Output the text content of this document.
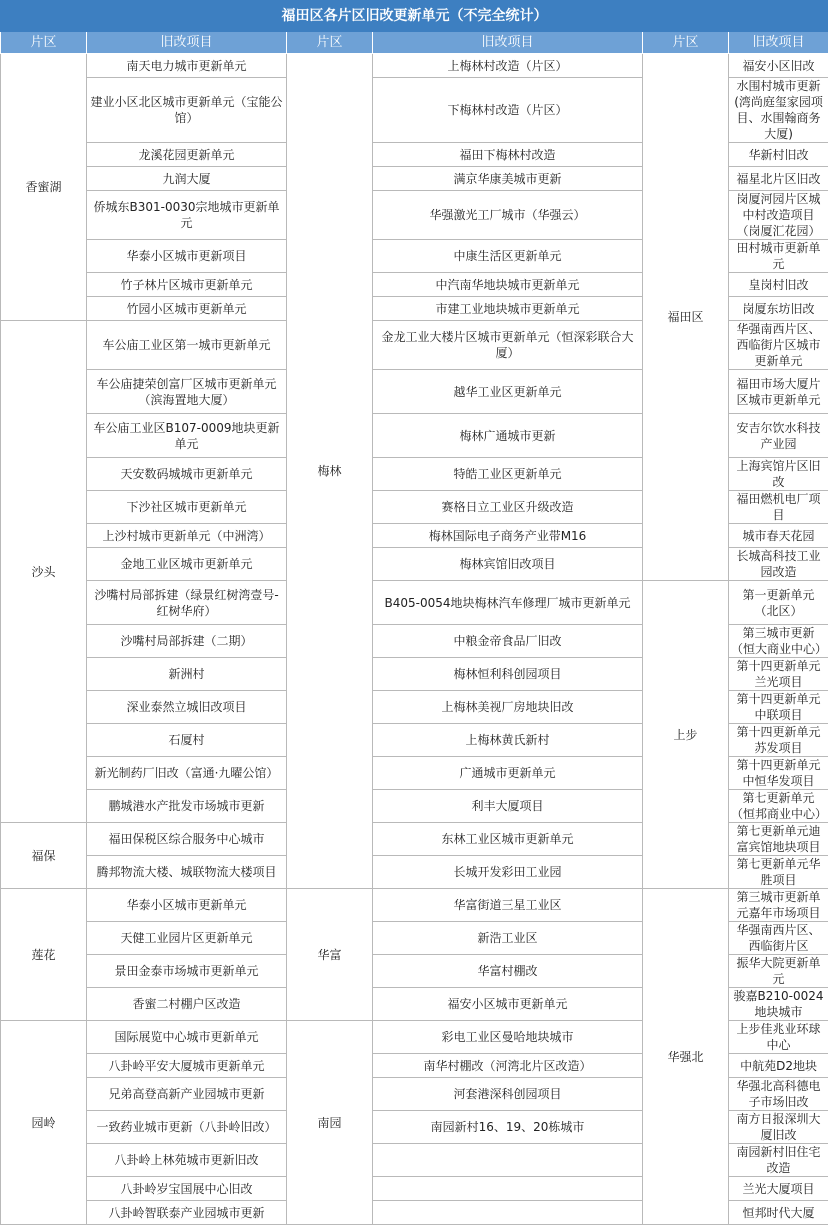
福田区各片区旧改更新单元（不完全统计）					
片区	旧改项目	片区	旧改项目	片区	旧改项目
香蜜湖	南天电力城市更新单元	梅林	上梅林村改造（片区）	福田区	福安小区旧改
	建业小区北区城市更新单元（宝能公馆）		下梅林村改造（片区）		水围村城市更新(湾尚庭玺家园项目、水围翰商务大厦)
	龙溪花园更新单元		福田下梅林村改造		华新村旧改
	九润大厦		满京华康美城市更新		福星北片区旧改
	侨城东B301-0030宗地城市更新单元		华强激光工厂城市（华强云）		岗厦河园片区城中村改造项目（岗厦汇花园）
	华泰小区城市更新项目		中康生活区更新单元		田村城市更新单元
	竹子林片区城市更新单元		中汽南华地块城市更新单元		皇岗村旧改
	竹园小区城市更新单元		市建工业地块城市更新单元		岗厦东坊旧改
沙头	车公庙工业区第一城市更新单元		金龙工业大楼片区城市更新单元（恒深彩联合大厦）		华强南西片区、西临街片区城市更新单元
	车公庙捷荣创富厂区城市更新单元（滨海置地大厦）		越华工业区更新单元		福田市场大厦片区城市更新单元
	车公庙工业区B107-0009地块更新单元		梅林广通城市更新		安吉尔饮水科技产业园
	天安数码城城市更新单元		特皓工业区更新单元		上海宾馆片区旧改
	下沙社区城市更新单元		赛格日立工业区升级改造		福田燃机电厂项目
	上沙村城市更新单元（中洲湾）		梅林国际电子商务产业带M16		城市春天花园
	金地工业区城市更新单元		梅林宾馆旧改项目		长城高科技工业园改造
	沙嘴村局部拆建（绿景红树湾壹号-红树华府）		B405-0054地块梅林汽车修理厂城市更新单元	上步	第一更新单元（北区）
	沙嘴村局部拆建（二期）		中粮金帝食品厂旧改		第三城市更新（恒大商业中心）
	新洲村		梅林恒利科创园项目		第十四更新单元兰光项目
	深业泰然立城旧改项目		上梅林美视厂房地块旧改		第十四更新单元中联项目
	石厦村		上梅林黄氏新村		第十四更新单元苏发项目
	新光制药厂旧改（富通·九曜公馆）		广通城市更新单元		第十四更新单元中恒华发项目
	鹏城港水产批发市场城市更新		利丰大厦项目		第七更新单元（恒邦商业中心）
福保	福田保税区综合服务中心城市		东林工业区城市更新单元		第七更新单元迪富宾馆地块项目
	腾邦物流大楼、城联物流大楼项目		长城开发彩田工业园		第七更新单元华胜项目
莲花	华泰小区城市更新单元	华富	华富街道三星工业区	华强北	第三城市更新单元嘉年市场项目
	天健工业园片区更新单元		新浩工业区		华强南西片区、西临街片区
	景田金泰市场城市更新单元		华富村棚改		振华大院更新单元
	香蜜二村棚户区改造		福安小区城市更新单元		骏嘉B210-0024地块城市
园岭	国际展览中心城市更新单元	南园	彩电工业区曼哈地块城市		上步佳兆业环球中心
	八卦岭平安大厦城市更新单元		南华村棚改（河湾北片区改造）		中航苑D2地块
	兄弟高登高新产业园城市更新		河套港深科创园项目		华强北高科德电子市场旧改
	一致药业城市更新（八卦岭旧改）		南园新村16、19、20栋城市		南方日报深圳大厦旧改
	八卦岭上林苑城市更新旧改				南园新村旧住宅改造
	八卦岭岁宝国展中心旧改				兰光大厦项目
	八卦岭智联泰产业园城市更新				恒邦时代大厦
